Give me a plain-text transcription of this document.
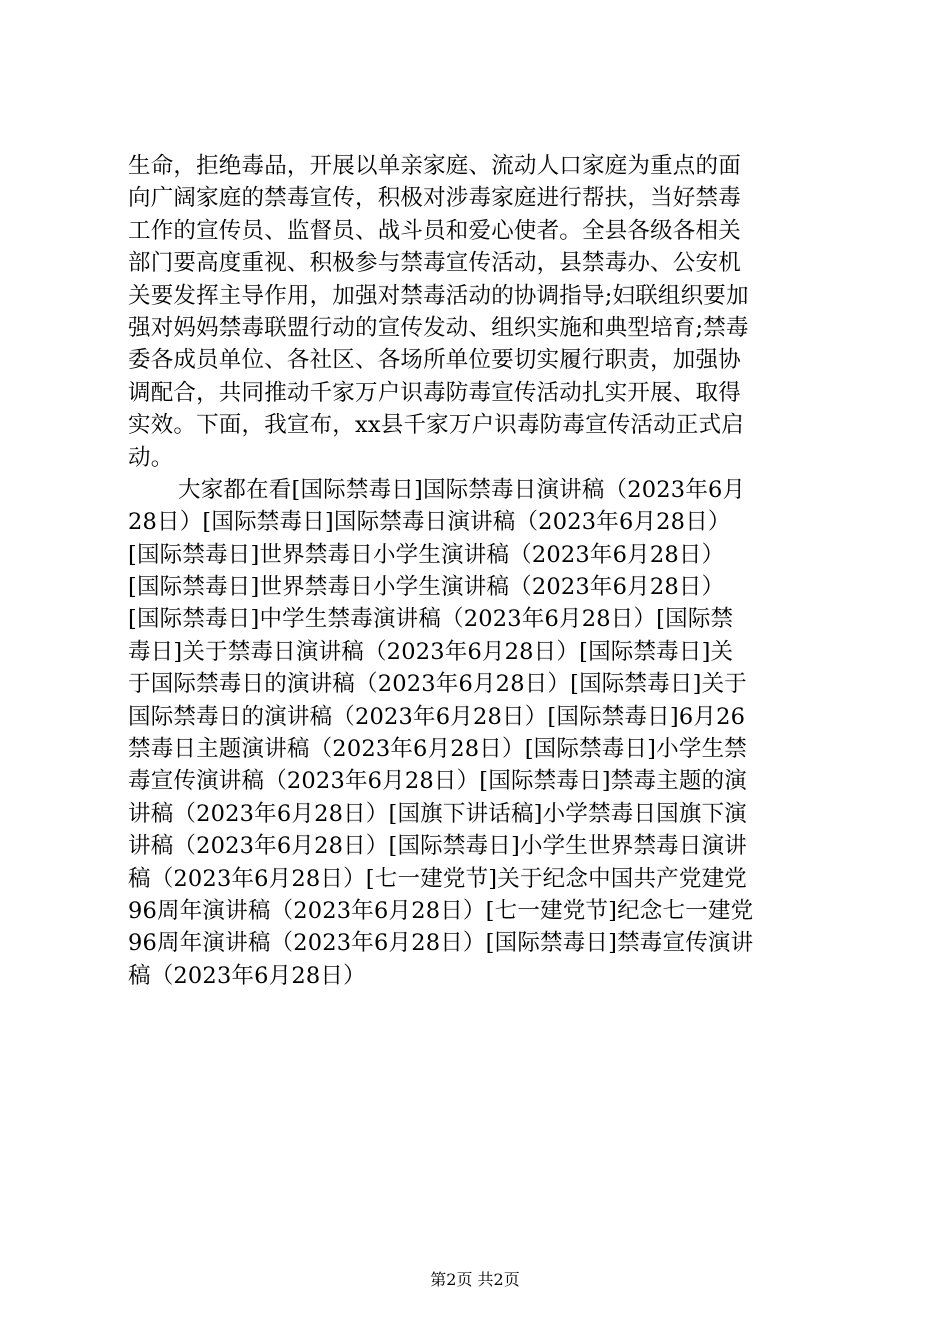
生命，拒绝毒品，开展以单亲家庭、流动人口家庭为重点的面
向广阔家庭的禁毒宣传，积极对涉毒家庭进行帮扶，当好禁毒
工作的宣传员、监督员、战斗员和爱心使者。全县各级各相关
部门要高度重视、积极参与禁毒宣传活动，县禁毒办、公安机
关要发挥主导作用，加强对禁毒活动的协调指导;妇联组织要加
强对妈妈禁毒联盟行动的宣传发动、组织实施和典型培育;禁毒
委各成员单位、各社区、各场所单位要切实履行职责，加强协
调配合，共同推动千家万户识毒防毒宣传活动扎实开展、取得
实效。下面，我宣布，xx县千家万户识毒防毒宣传活动正式启
动。
大家都在看[国际禁毒日]国际禁毒日演讲稿（2023年6月
28日）[国际禁毒日]国际禁毒日演讲稿（2023年6月28日）
[国际禁毒日]世界禁毒日小学生演讲稿（2023年6月28日）
[国际禁毒日]世界禁毒日小学生演讲稿（2023年6月28日）
[国际禁毒日]中学生禁毒演讲稿（2023年6月28日）[国际禁
毒日]关于禁毒日演讲稿（2023年6月28日）[国际禁毒日]关
于国际禁毒日的演讲稿（2023年6月28日）[国际禁毒日]关于
国际禁毒日的演讲稿（2023年6月28日）[国际禁毒日]6月26
禁毒日主题演讲稿（2023年6月28日）[国际禁毒日]小学生禁
毒宣传演讲稿（2023年6月28日）[国际禁毒日]禁毒主题的演
讲稿（2023年6月28日）[国旗下讲话稿]小学禁毒日国旗下演
讲稿（2023年6月28日）[国际禁毒日]小学生世界禁毒日演讲
稿（2023年6月28日）[七一建党节]关于纪念中国共产党建党
96周年演讲稿（2023年6月28日）[七一建党节]纪念七一建党
96周年演讲稿（2023年6月28日）[国际禁毒日]禁毒宣传演讲
稿（2023年6月28日）
第2页 共2页
